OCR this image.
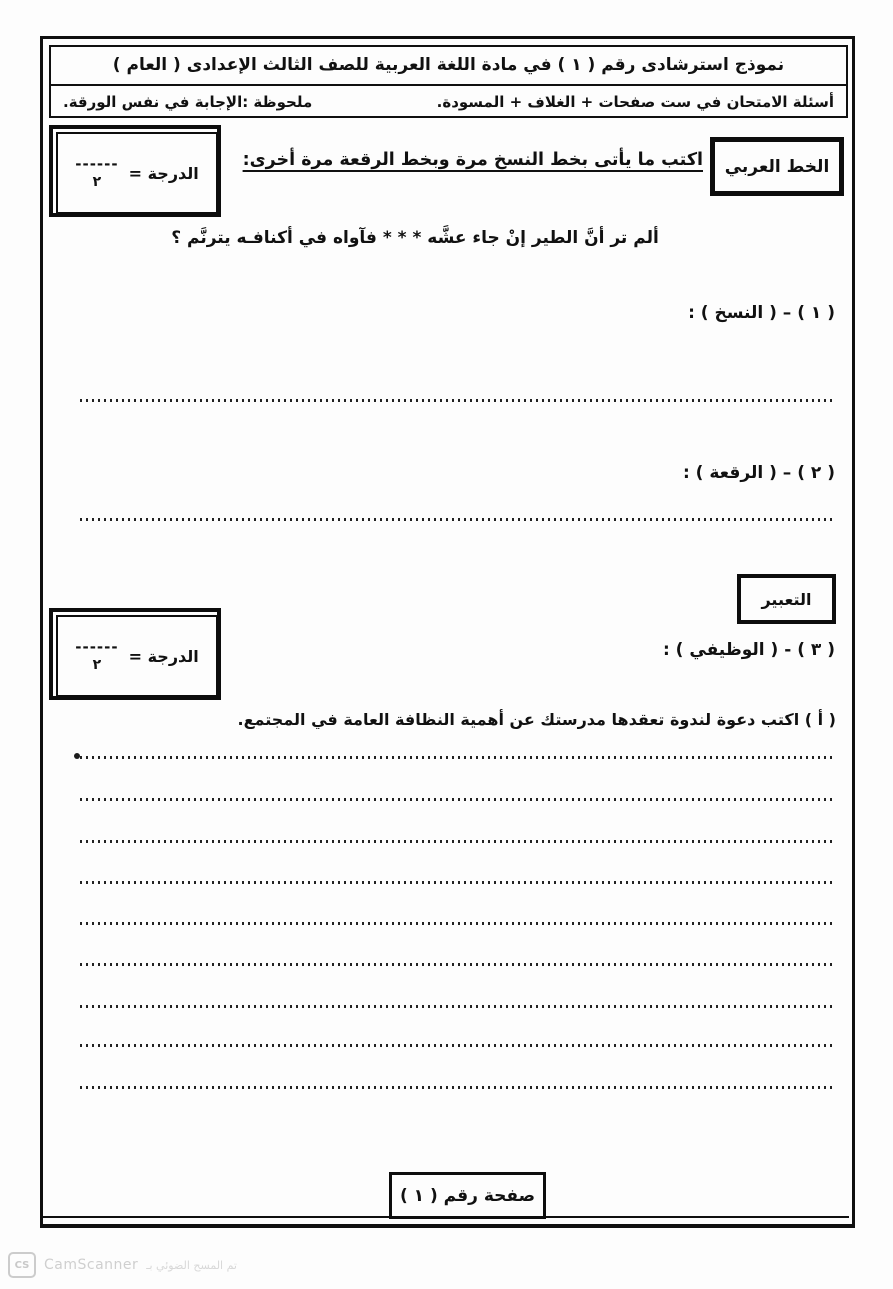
نموذج استرشادى رقم ( ١ ) في مادة اللغة العربية للصف الثالث الإعدادى ( العام )
أسئلة الامتحان في ست صفحات + الغلاف + المسودة.
ملحوظة :الإجابة في نفس الورقة.
الدرجة =
------
٢
الخط العربي
اكتب ما يأتى بخط النسخ مرة وبخط الرقعة مرة أخرى:
ألم تر أنَّ الطير إنْ جاء عشَّه * * * فآواه في أكنافـه يترنَّم ؟
( ١ ) – ( النسخ ) :
( ٢ ) – ( الرقعة ) :
التعبير
( ٣ ) - ( الوظيفي ) :
الدرجة =
------
٢
( أ ) اكتب دعوة لندوة تعقدها مدرستك عن أهمية النظافة العامة في المجتمع.
صفحة رقم ( ١ )
CS	CamScanner تم المسح الضوئي بـ
